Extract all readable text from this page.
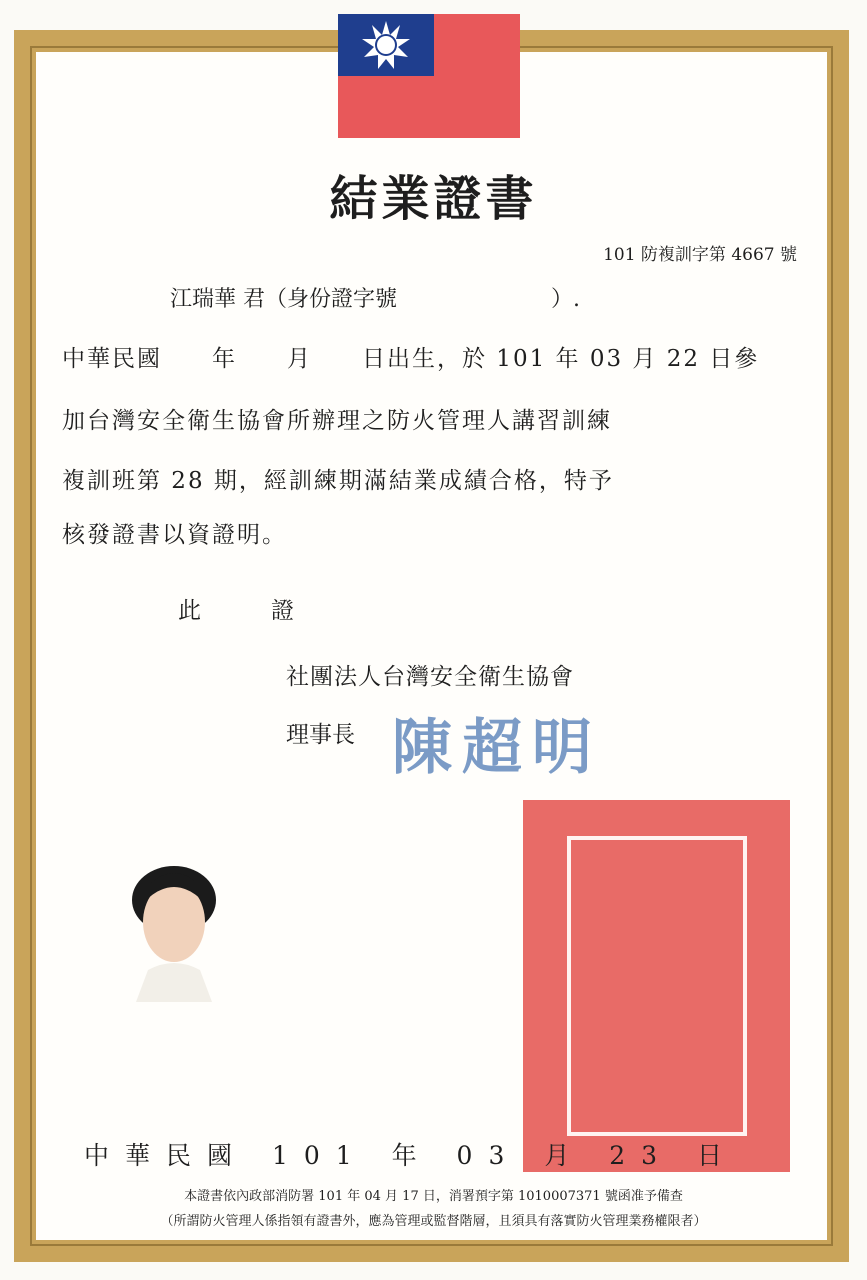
結業證書
101 防複訓字第 4667 號
江瑞華 君（身份證字號　　　　　　　）.
中華民國　　年　　月　　日出生，於 101 年 03 月 22 日參
加台灣安全衛生協會所辦理之防火管理人講習訓練
複訓班第 28 期，經訓練期滿結業成績合格，特予
核發證書以資證明。
此證
社團法人台灣安全衛生協會
理事長 陳超明
中華民國 101 年 03 月 23 日
本證書依內政部消防署 101 年 04 月 17 日，消署預字第 1010007371 號函准予備查
（所謂防火管理人係指領有證書外，應為管理或監督階層，且須具有落實防火管理業務權限者）
